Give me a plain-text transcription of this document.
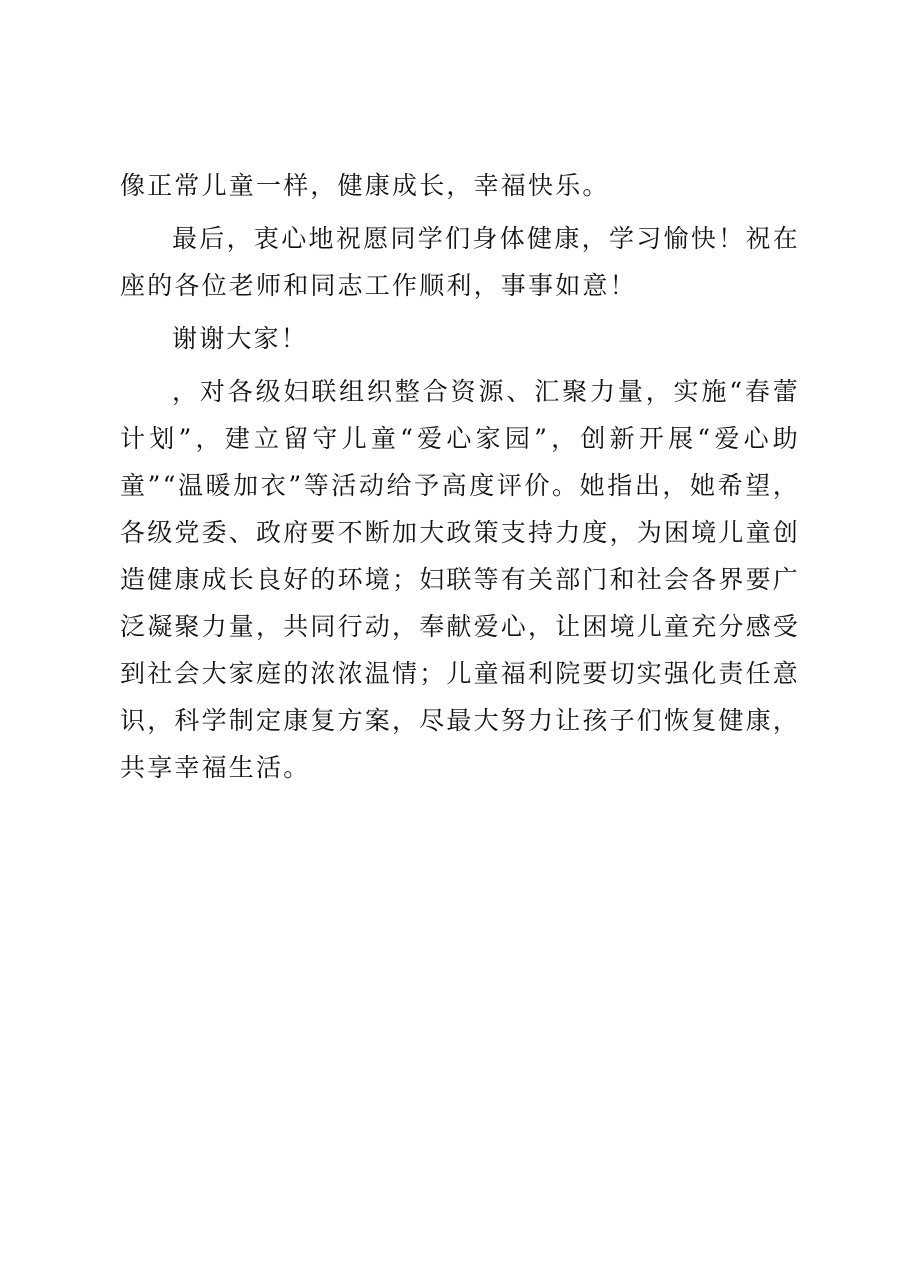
像正常儿童一样，健康成长，幸福快乐。

最后，衷心地祝愿同学们身体健康，学习愉快！祝在座的各位老师和同志工作顺利，事事如意！

谢谢大家！

，对各级妇联组织整合资源、汇聚力量，实施“春蕾计划”，建立留守儿童“爱心家园”，创新开展“爱心助童”“温暖加衣”等活动给予高度评价。她指出，她希望，各级党委、政府要不断加大政策支持力度，为困境儿童创造健康成长良好的环境；妇联等有关部门和社会各界要广泛凝聚力量，共同行动，奉献爱心，让困境儿童充分感受到社会大家庭的浓浓温情；儿童福利院要切实强化责任意识，科学制定康复方案，尽最大努力让孩子们恢复健康，共享幸福生活。
